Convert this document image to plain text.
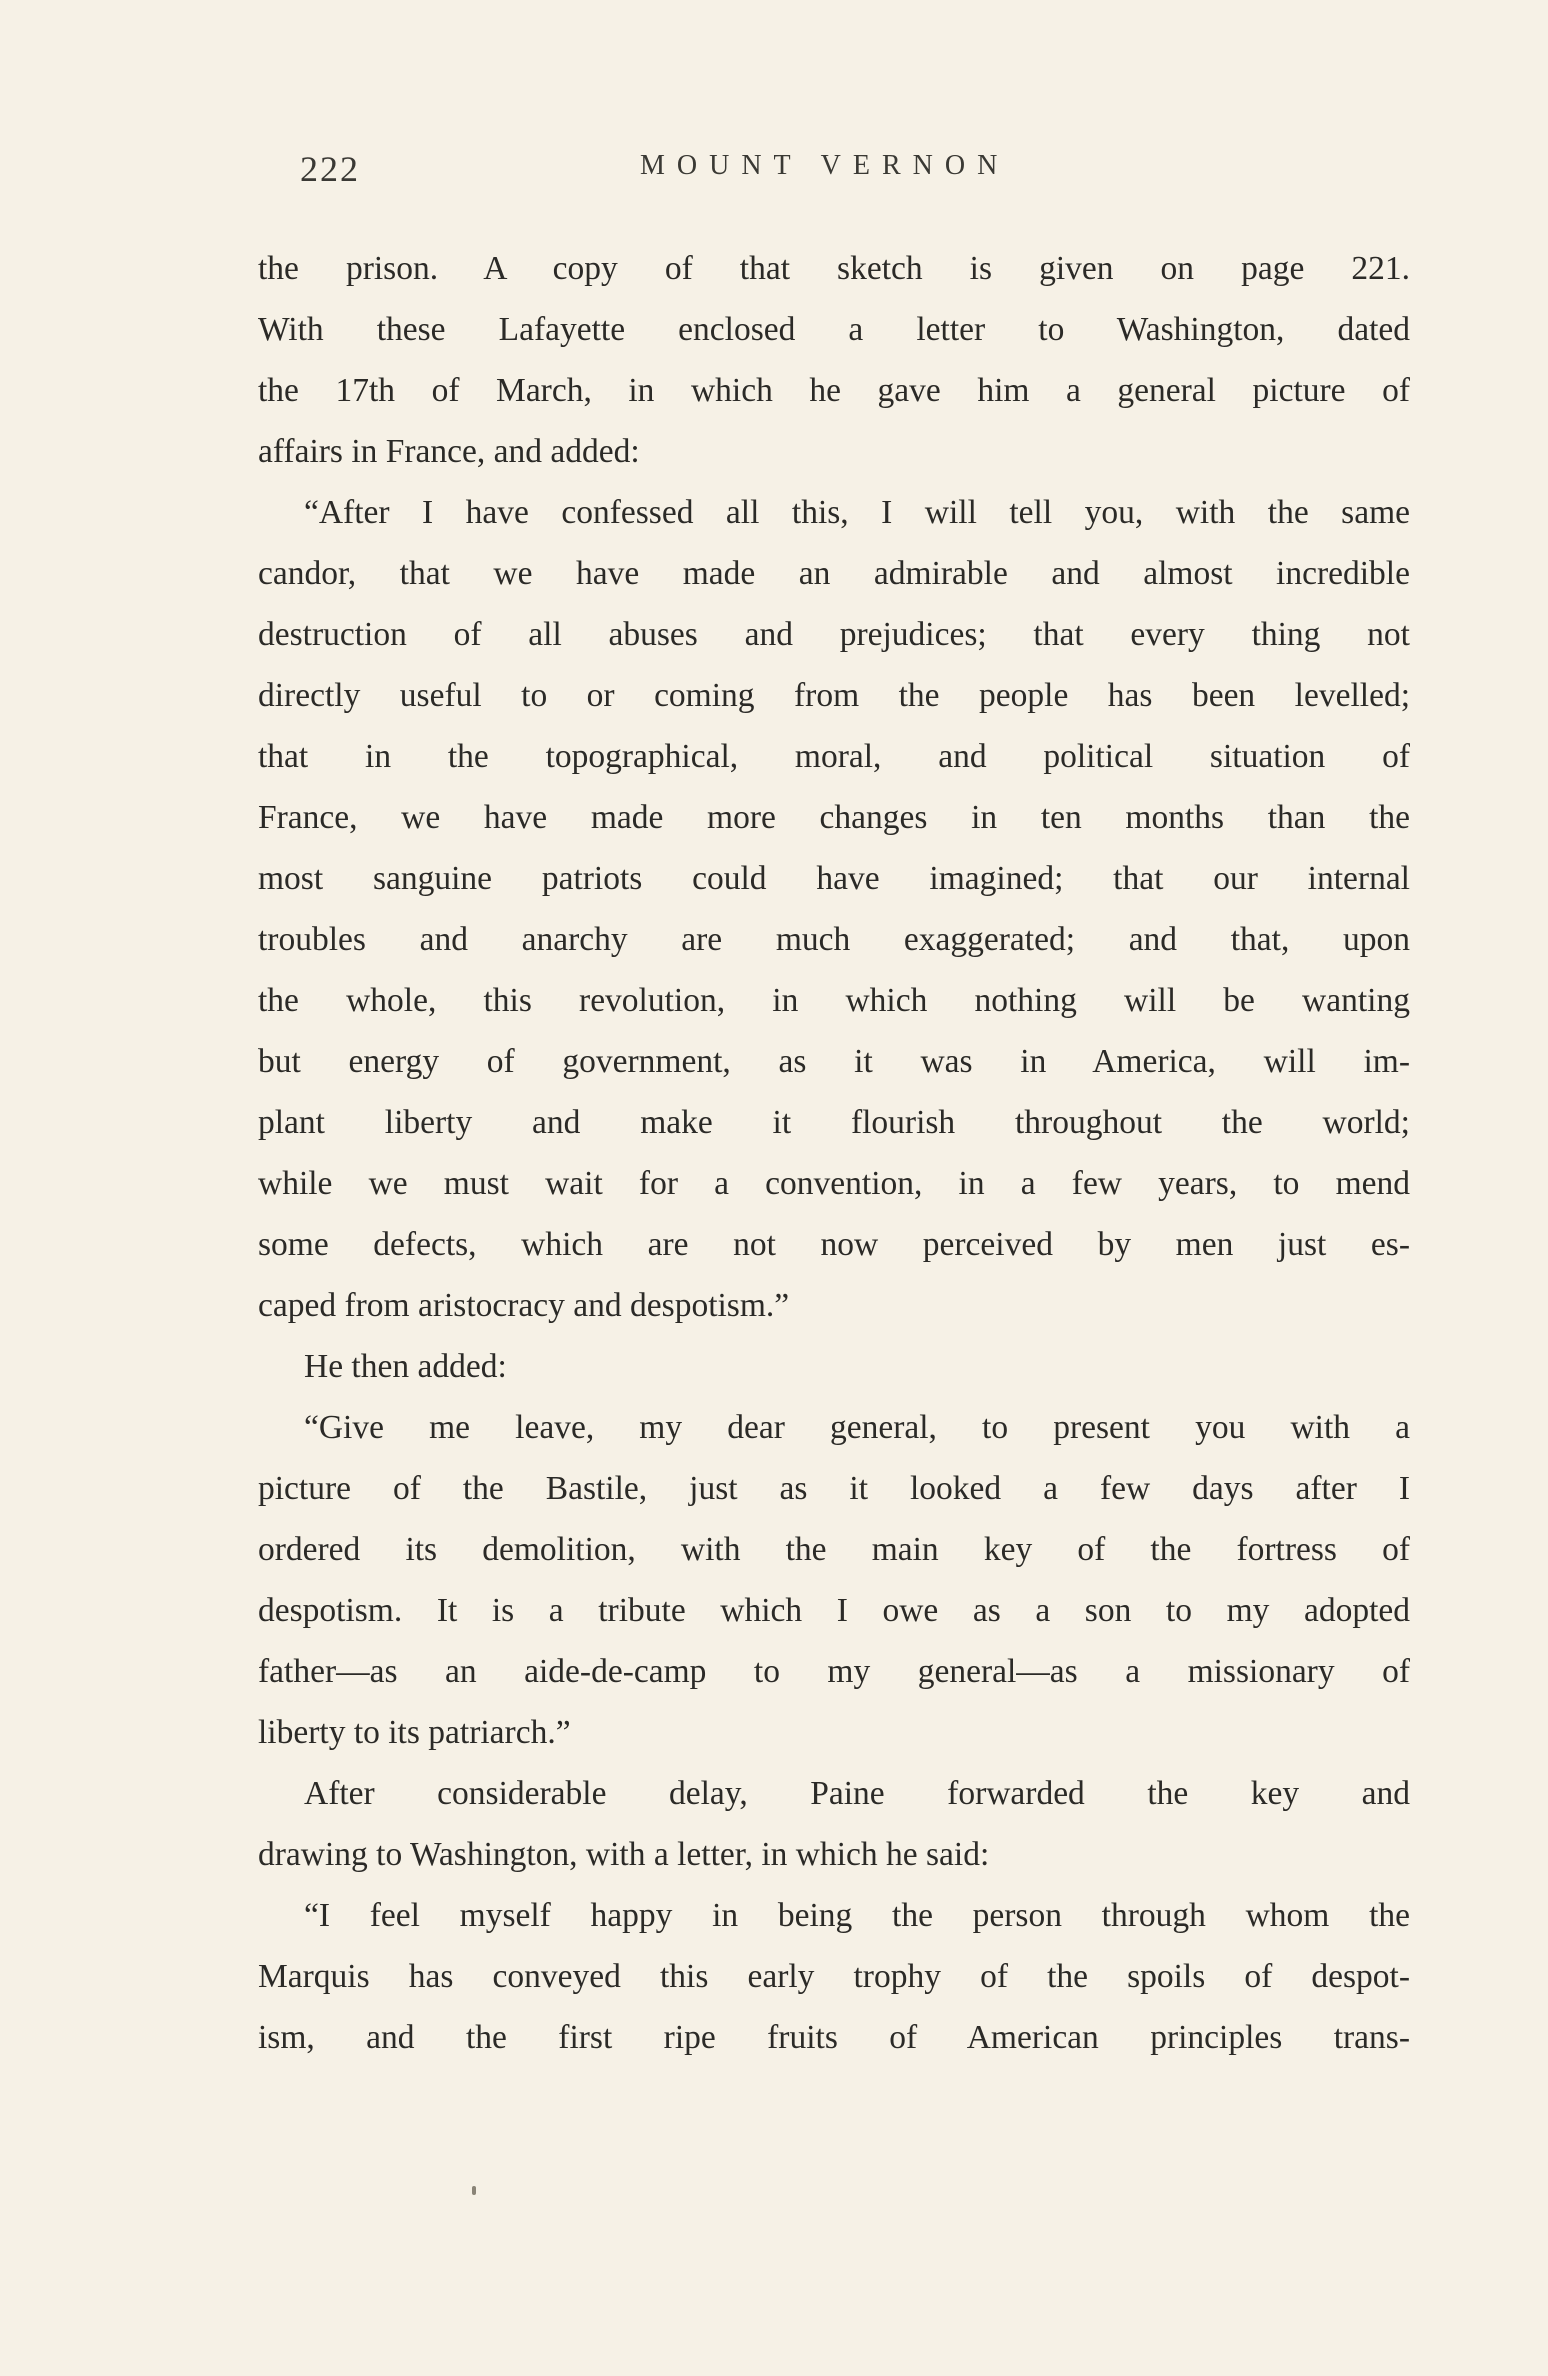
222	MOUNT VERNON
the prison. A copy of that sketch is given on page 221.
With these Lafayette enclosed a letter to Washington, dated
the 17th of March, in which he gave him a general picture of
affairs in France, and added:
“After I have confessed all this, I will tell you, with the same
candor, that we have made an admirable and almost incredible
destruction of all abuses and prejudices; that every thing not
directly useful to or coming from the people has been levelled;
that in the topographical, moral, and political situation of
France, we have made more changes in ten months than the
most sanguine patriots could have imagined; that our internal
troubles and anarchy are much exaggerated; and that, upon
the whole, this revolution, in which nothing will be wanting
but energy of government, as it was in America, will im-
plant liberty and make it flourish throughout the world;
while we must wait for a convention, in a few years, to mend
some defects, which are not now perceived by men just es-
caped from aristocracy and despotism.”
He then added:
“Give me leave, my dear general, to present you with a
picture of the Bastile, just as it looked a few days after I
ordered its demolition, with the main key of the fortress of
despotism. It is a tribute which I owe as a son to my adopted
father—as an aide-de-camp to my general—as a missionary of
liberty to its patriarch.”
After considerable delay, Paine forwarded the key and
drawing to Washington, with a letter, in which he said:
“I feel myself happy in being the person through whom the
Marquis has conveyed this early trophy of the spoils of despot-
ism, and the first ripe fruits of American principles trans-
